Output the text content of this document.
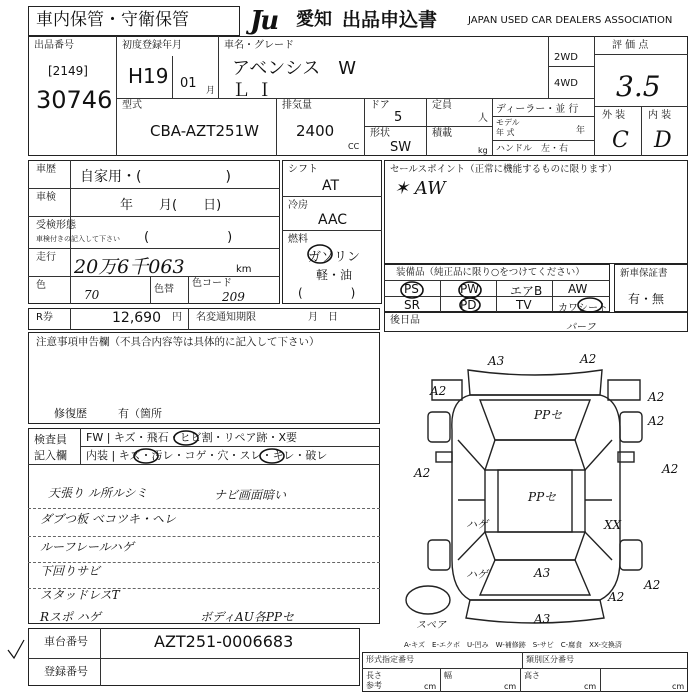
車内保管・守衛保管 Ju	愛知 出品申込書	JAPAN USED CAR DEALERS ASSOCIATION
出品番号
[2149]
30746
初度登録年月
H19 01 月
車名・グレード
アベンシス　W
Ｌ Ｉ
2WD
4WD
評 価 点
3.5
外 装 内 装
C D
型式
CBA-AZT251W
排気量
2400
CC
ドア
5
形状
SW
定員
人
積載
kg
ディーラー・並 行
モデル
年 式	年
ハンドル　左・右
車歴 自家用・(　　　　　　)
車検
年　　月(　　日)
受検形態
車検付きの記入して下さい (　　　　　　)
走行 20万6千063	km
色
70	色替
色コード
209
シフト
AT
冷房
AAC
燃料
ガソリン
軽・油
(　　　　)
セールスポイント（正常に機能するものに限ります）
✶ AW
装備品（純正品に限り○をつけてください）
PS	PW	エアB AW
SR	PD	TV	カワシート
新車保証書
有・無
後日品
パーフ
R券	12,690 円 名変通知期限	月　日
注意事項申告欄（不具合内容等は具体的に記入して下さい）
修復歴	有（箇所
検査員
記入欄
FW | キズ・飛石・ヒビ割・リペア跡・X要
内装 | キズ・汚レ・コゲ・穴・スレ・キレ・破レ
天張り ル所ルシミ	ナビ画面暗い
ダブつ板 ベコツキ・ヘレ
ルーフレールハゲ
下回りサビ
スタッドレスT
Rスポ ハゲ	ボディAU各PPセ
車台番号	AZT251-0006683
登録番号
形式指定番号	類別区分番号
長さ
参考	cm
幅
cm
高さ
cm	cm
A3	A2
A2	A2
A2
PPセ
PPセ
ハゲ
A2	A2
XX
ハゲ	A3
A3
A2
A2
スペア
A-キズ　E-エクボ　U-凹み　W-補修跡　S-サビ　C-腐食　XX-交換済
